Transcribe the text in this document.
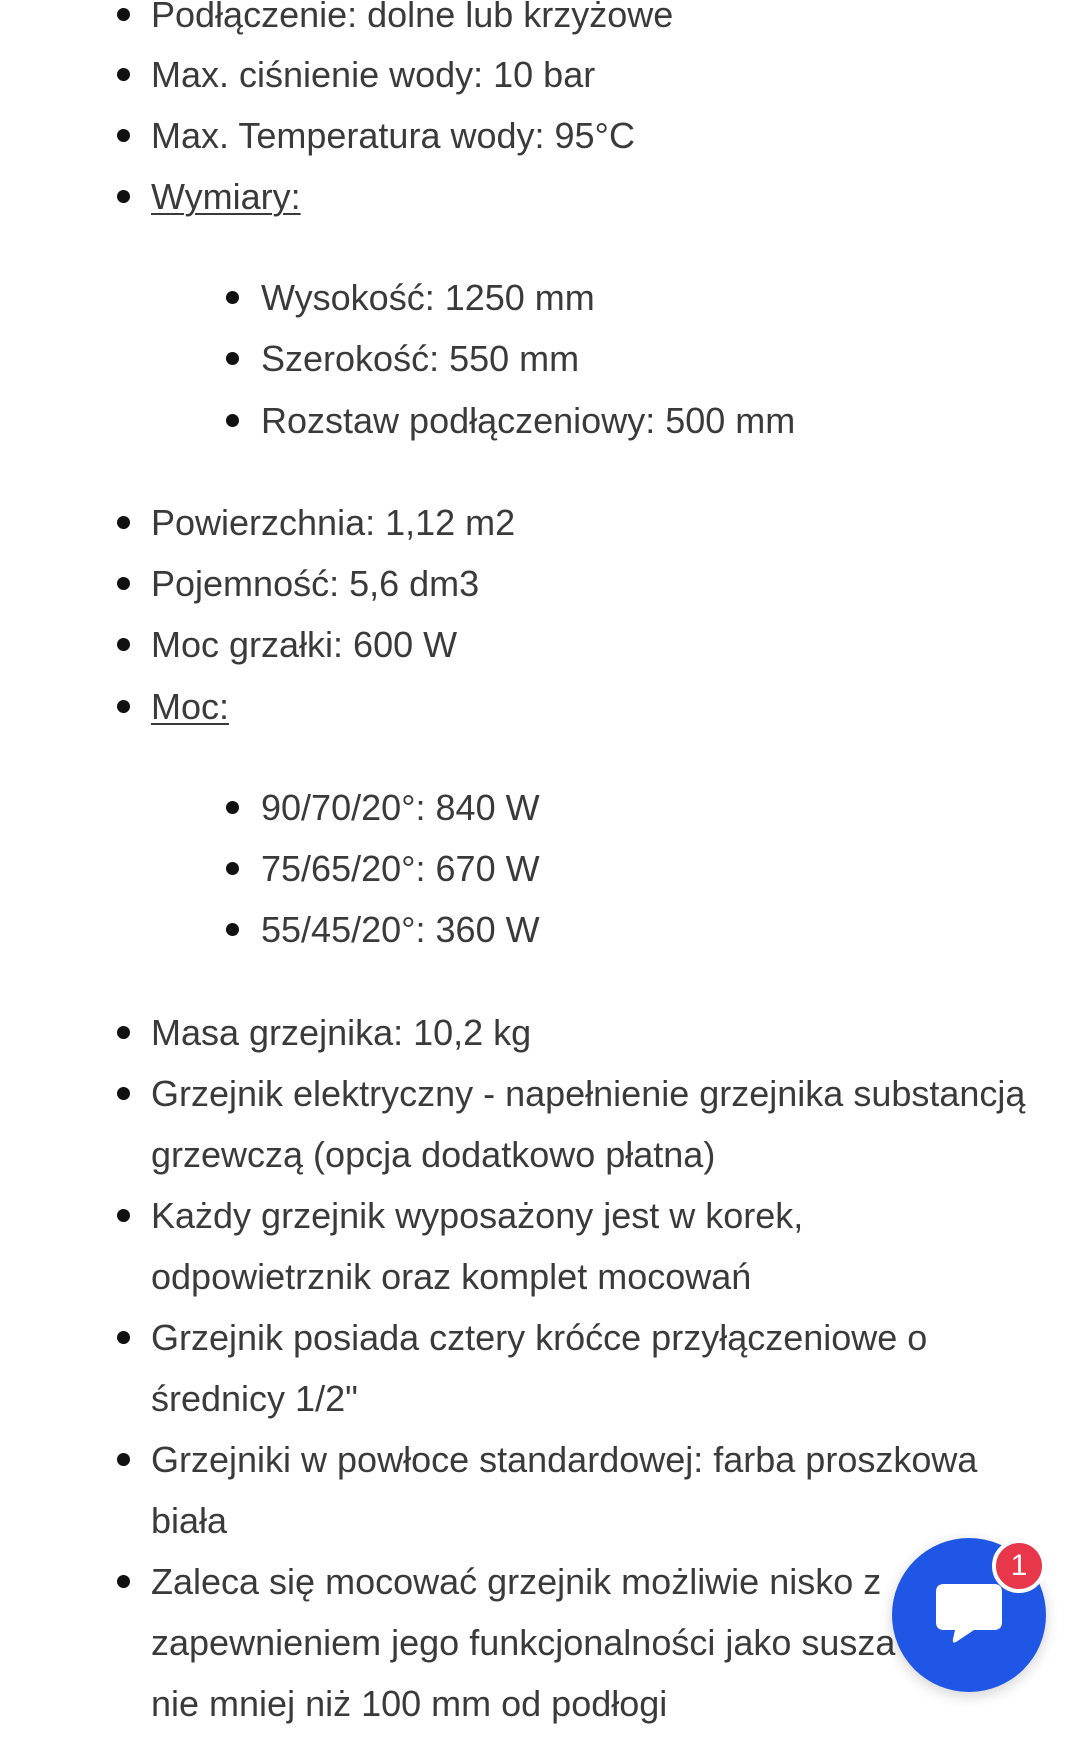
Podłączenie: dolne lub krzyżowe
Max. ciśnienie wody: 10 bar
Max. Temperatura wody: 95°C
Wymiary:
Wysokość: 1250 mm
Szerokość: 550 mm
Rozstaw podłączeniowy: 500 mm
Powierzchnia: 1,12 m2
Pojemność: 5,6 dm3
Moc grzałki: 600 W
Moc:
90/70/20°: 840 W
75/65/20°: 670 W
55/45/20°: 360 W
Masa grzejnika: 10,2 kg
Grzejnik elektryczny - napełnienie grzejnika substancją
grzewczą (opcja dodatkowo płatna)
Każdy grzejnik wyposażony jest w korek,
odpowietrznik oraz komplet mocowań
Grzejnik posiada cztery króćce przyłączeniowe o
średnicy 1/2"
Grzejniki w powłoce standardowej: farba proszkowa
biała
Zaleca się mocować grzejnik możliwie nisko z
zapewnieniem jego funkcjonalności jako susza
nie mniej niż 100 mm od podłogi
1
